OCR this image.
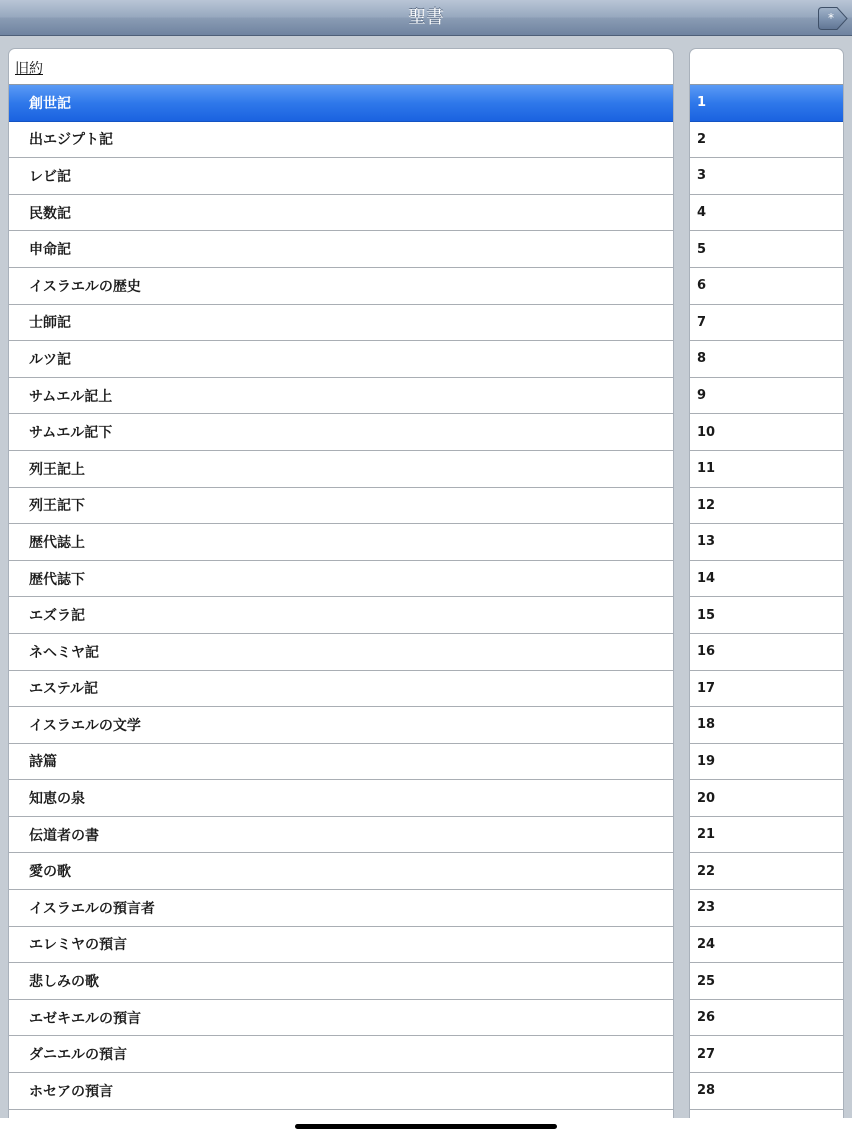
聖書	*
旧約
創世記
出エジプト記
レビ記
民数記
申命記
イスラエルの歴史
士師記
ルツ記
サムエル記上
サムエル記下
列王記上
列王記下
歴代誌上
歴代誌下
エズラ記
ネヘミヤ記
エステル記
イスラエルの文学
詩篇
知恵の泉
伝道者の書
愛の歌
イスラエルの預言者
エレミヤの預言
悲しみの歌
エゼキエルの預言
ダニエルの預言
ホセアの預言
1
2
3
4
5
6
7
8
9
10
11
12
13
14
15
16
17
18
19
20
21
22
23
24
25
26
27
28
